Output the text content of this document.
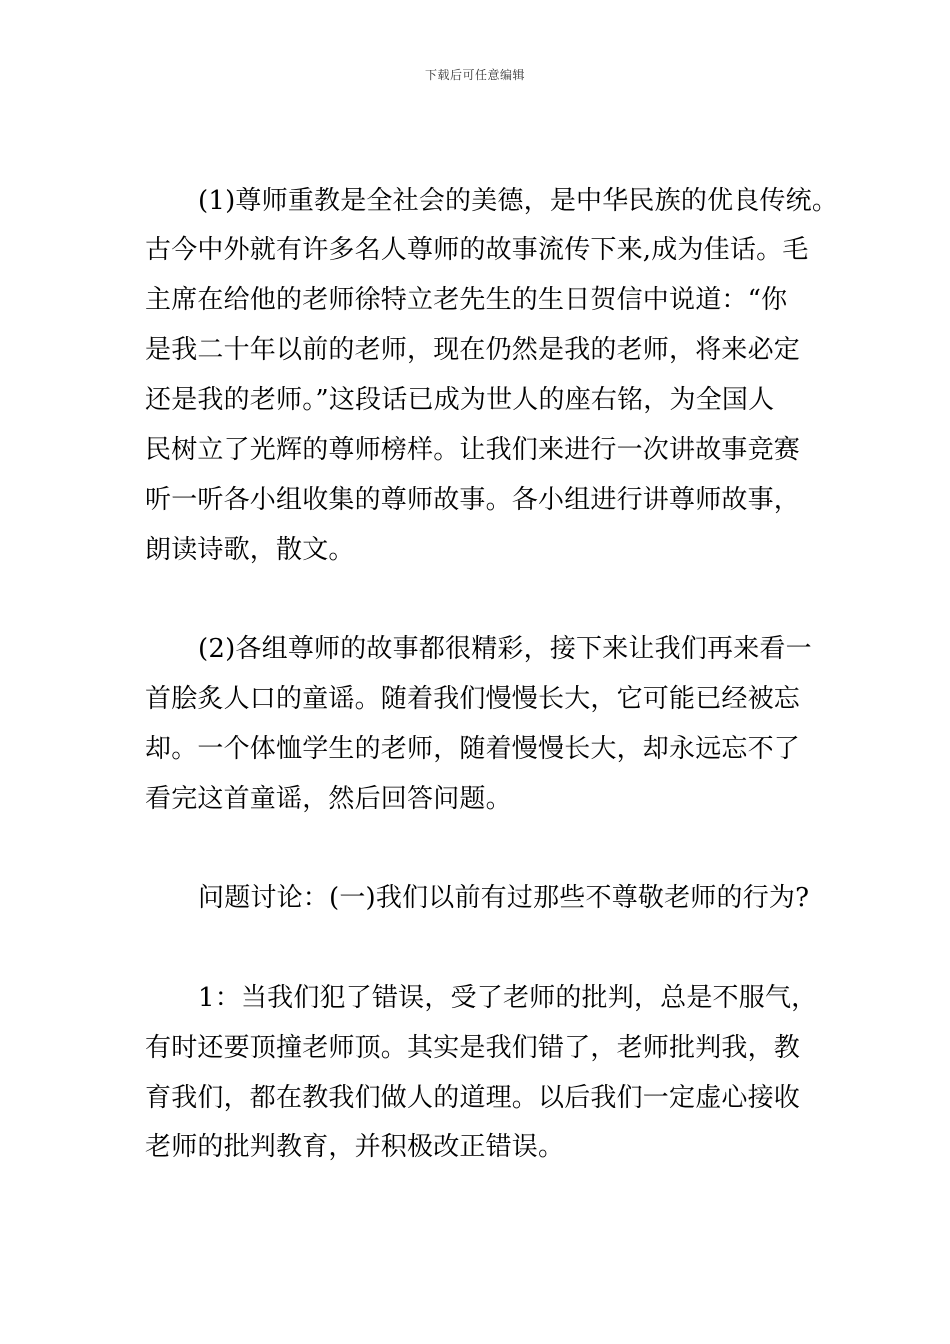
下载后可任意编辑
(1)尊师重教是全社会的美德，是中华民族的优良传统。
古今中外就有许多名人尊师的故事流传下来,成为佳话。毛
主席在给他的老师徐特立老先生的生日贺信中说道：“你
是我二十年以前的老师，现在仍然是我的老师，将来必定
还是我的老师。”这段话已成为世人的座右铭，为全国人
民树立了光辉的尊师榜样。让我们来进行一次讲故事竞赛
听一听各小组收集的尊师故事。各小组进行讲尊师故事，
朗读诗歌，散文。
(2)各组尊师的故事都很精彩，接下来让我们再来看一
首脍炙人口的童谣。随着我们慢慢长大，它可能已经被忘
却。一个体恤学生的老师，随着慢慢长大，却永远忘不了
看完这首童谣，然后回答问题。
问题讨论：(一)我们以前有过那些不尊敬老师的行为?
1：当我们犯了错误，受了老师的批判，总是不服气，
有时还要顶撞老师顶。其实是我们错了，老师批判我，教
育我们，都在教我们做人的道理。以后我们一定虚心接收
老师的批判教育，并积极改正错误。
